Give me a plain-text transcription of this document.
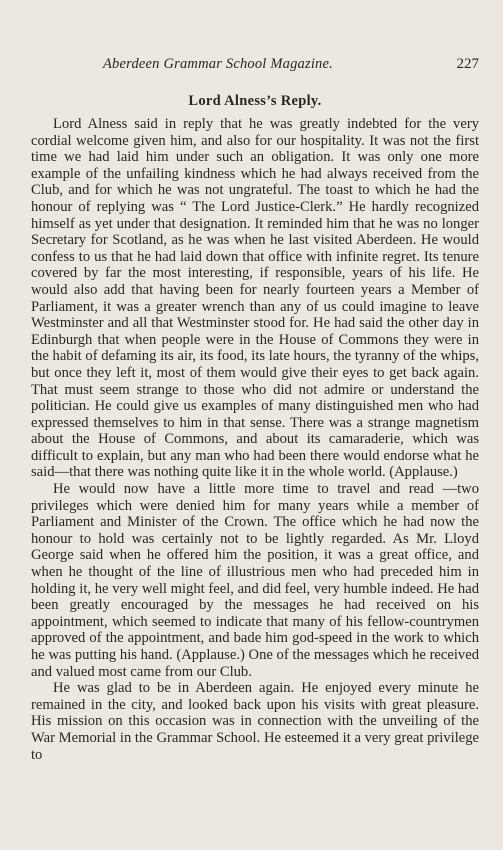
Aberdeen Grammar School Magazine.	227
Lord Alness’s Reply.

Lord Alness said in reply that he was greatly indebted for the very cordial welcome given him, and also for our hospitality. It was not the first time we had laid him under such an obligation. It was only one more example of the unfailing kindness which he had always received from the Club, and for which he was not ungrateful. The toast to which he had the honour of replying was “ The Lord Justice-Clerk.” He hardly recognized himself as yet under that designation. It reminded him that he was no longer Secretary for Scotland, as he was when he last visited Aberdeen. He would confess to us that he had laid down that office with infinite regret. Its tenure covered by far the most interesting, if responsible, years of his life. He would also add that having been for nearly fourteen years a Member of Parliament, it was a greater wrench than any of us could imagine to leave Westminster and all that Westminster stood for. He had said the other day in Edinburgh that when people were in the House of Commons they were in the habit of defaming its air, its food, its late hours, the tyranny of the whips, but once they left it, most of them would give their eyes to get back again. That must seem strange to those who did not admire or understand the politician. He could give us examples of many distinguished men who had expressed themselves to him in that sense. There was a strange magnetism about the House of Commons, and about its camaraderie, which was difficult to explain, but any man who had been there would endorse what he said—that there was nothing quite like it in the whole world. (Applause.)

He would now have a little more time to travel and read —two privileges which were denied him for many years while a member of Parliament and Minister of the Crown. The office which he had now the honour to hold was certainly not to be lightly regarded. As Mr. Lloyd George said when he offered him the position, it was a great office, and when he thought of the line of illustrious men who had preceded him in holding it, he very well might feel, and did feel, very humble indeed. He had been greatly encouraged by the messages he had received on his appointment, which seemed to indicate that many of his fellow-countrymen approved of the appointment, and bade him god-speed in the work to which he was putting his hand. (Applause.) One of the messages which he received and valued most came from our Club.

He was glad to be in Aberdeen again. He enjoyed every minute he remained in the city, and looked back upon his visits with great pleasure. His mission on this occasion was in connection with the unveiling of the War Memorial in the Grammar School. He esteemed it a very great privilege to
